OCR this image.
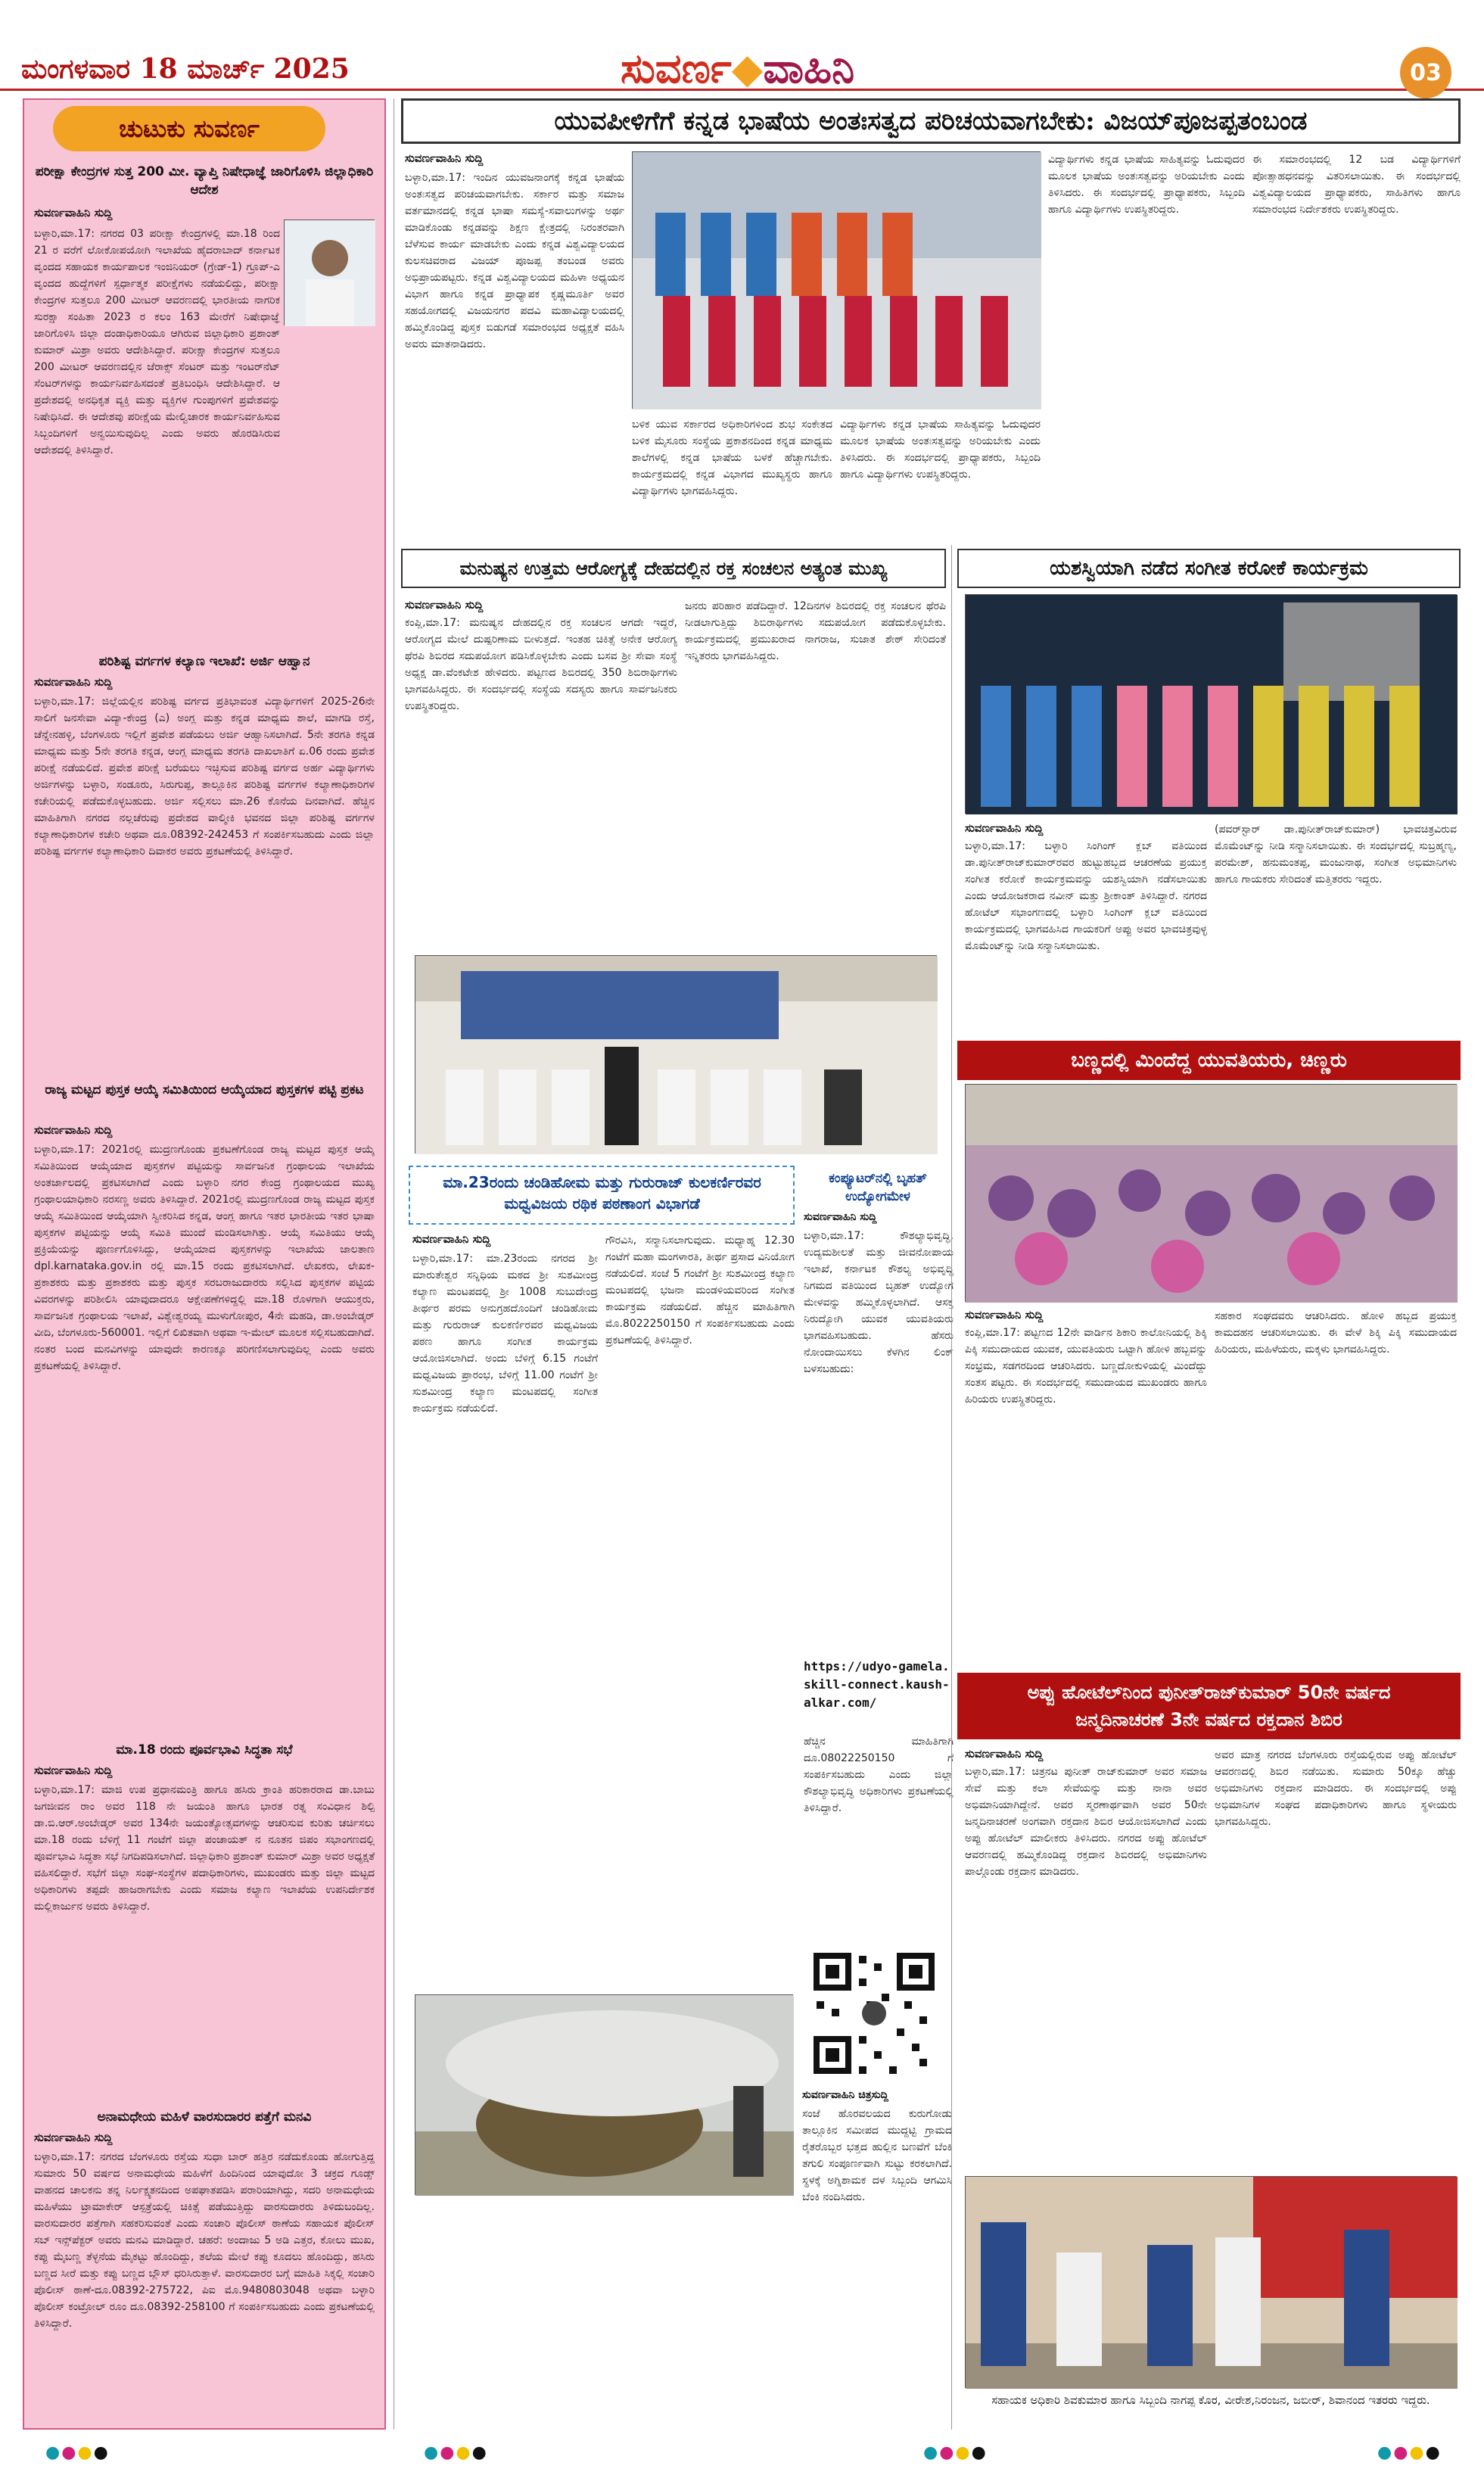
ಮಂಗಳವಾರ 18 ಮಾರ್ಚ್ 2025	ಸುವರ್ಣ◆ವಾಹಿನಿ	03
ಚುಟುಕು ಸುವರ್ಣ
ಪರೀಕ್ಷಾ ಕೇಂದ್ರಗಳ ಸುತ್ತ 200 ಮೀ. ವ್ಯಾಪ್ತಿ ನಿಷೇಧಾಜ್ಞೆ ಜಾರಿಗೊಳಿಸಿ ಜಿಲ್ಲಾಧಿಕಾರಿ ಆದೇಶ
ಸುವರ್ಣವಾಹಿನಿ ಸುದ್ದಿ
ಬಳ್ಳಾರಿ,ಮಾ.17: ನಗರದ 03 ಪರೀಕ್ಷಾ ಕೇಂದ್ರಗಳಲ್ಲಿ ಮಾ.18 ರಿಂದ 21 ರ ವರೆಗೆ ಲೋಕೋಪಯೋಗಿ ಇಲಾಖೆಯ ಹೈದರಾಬಾದ್ ಕರ್ನಾಟಕ ವೃಂದದ ಸಹಾಯಕ ಕಾರ್ಯಪಾಲಕ ಇಂಜಿನಿಯರ್ (ಗ್ರೇಡ್-1) ಗ್ರೂಪ್-ಎ ವೃಂದದ ಹುದ್ದೆಗಳಿಗೆ ಸ್ಪರ್ಧಾತ್ಮಕ ಪರೀಕ್ಷೆಗಳು ನಡೆಯಲಿದ್ದು, ಪರೀಕ್ಷಾ ಕೇಂದ್ರಗಳ ಸುತ್ತಲೂ 200 ಮೀಟರ್ ಆವರಣದಲ್ಲಿ ಭಾರತೀಯ ನಾಗರಿಕ ಸುರಕ್ಷಾ ಸಂಹಿತಾ 2023 ರ ಕಲಂ 163 ಮೇರೆಗೆ ನಿಷೇಧಾಜ್ಞೆ ಜಾರಿಗೊಳಿಸಿ ಜಿಲ್ಲಾ ದಂಡಾಧಿಕಾರಿಯೂ ಆಗಿರುವ ಜಿಲ್ಲಾಧಿಕಾರಿ ಪ್ರಶಾಂತ್ ಕುಮಾರ್ ಮಿಶ್ರಾ ಅವರು ಆದೇಶಿಸಿದ್ದಾರೆ. ಪರೀಕ್ಷಾ ಕೇಂದ್ರಗಳ ಸುತ್ತಲೂ 200 ಮೀಟರ್ ಆವರಣದಲ್ಲಿನ ಜೆರಾಕ್ಸ್ ಸೆಂಟರ್ ಮತ್ತು ಇಂಟರ್‌ನೆಟ್ ಸೆಂಟರ್‌ಗಳನ್ನು ಕಾರ್ಯನಿರ್ವಹಿಸದಂತೆ ಪ್ರತಿಬಂಧಿಸಿ ಆದೇಶಿಸಿದ್ದಾರೆ. ಆ ಪ್ರದೇಶದಲ್ಲಿ ಅನಧಿಕೃತ ವ್ಯಕ್ತಿ ಮತ್ತು ವ್ಯಕ್ತಿಗಳ ಗುಂಪುಗಳಿಗೆ ಪ್ರವೇಶವನ್ನು ನಿಷೇಧಿಸಿದೆ. ಈ ಆದೇಶವು ಪರೀಕ್ಷೆಯ ಮೇಲ್ವಿಚಾರಕ ಕಾರ್ಯನಿರ್ವಹಿಸುವ ಸಿಬ್ಬಂದಿಗಳಿಗೆ ಅನ್ವಯಿಸುವುದಿಲ್ಲ ಎಂದು ಅವರು ಹೊರಡಿಸಿರುವ ಆದೇಶದಲ್ಲಿ ತಿಳಿಸಿದ್ದಾರೆ.
ಪರಿಶಿಷ್ಟ ವರ್ಗಗಳ ಕಲ್ಯಾಣ ಇಲಾಖೆ: ಅರ್ಜಿ ಆಹ್ವಾನ
ಸುವರ್ಣವಾಹಿನಿ ಸುದ್ದಿ
ಬಳ್ಳಾರಿ,ಮಾ.17: ಜಿಲ್ಲೆಯಲ್ಲಿನ ಪರಿಶಿಷ್ಟ ವರ್ಗದ ಪ್ರತಿಭಾವಂತ ವಿದ್ಯಾರ್ಥಿಗಳಿಗೆ 2025-26ನೇ ಸಾಲಿಗೆ ಜನಸೇವಾ ವಿದ್ಯಾ-ಕೇಂದ್ರ (ಎ) ಅಂಗ್ಲ ಮತ್ತು ಕನ್ನಡ ಮಾಧ್ಯಮ ಶಾಲೆ, ಮಾಗಡಿ ರಸ್ತೆ, ಚೆನ್ನೇನಹಳ್ಳಿ, ಬೆಂಗಳೂರು ಇಲ್ಲಿಗೆ ಪ್ರವೇಶ ಪಡೆಯಲು ಅರ್ಜಿ ಆಹ್ವಾನಿಸಲಾಗಿದೆ. 5ನೇ ತರಗತಿ ಕನ್ನಡ ಮಾಧ್ಯಮ ಮತ್ತು 5ನೇ ತರಗತಿ ಕನ್ನಡ, ಆಂಗ್ಲ ಮಾಧ್ಯಮ ತರಗತಿ ದಾಖಲಾತಿಗೆ ಏ.06 ರಂದು ಪ್ರವೇಶ ಪರೀಕ್ಷೆ ನಡೆಯಲಿದೆ. ಪ್ರವೇಶ ಪರೀಕ್ಷೆ ಬರೆಯಲು ಇಚ್ಛಿಸುವ ಪರಿಶಿಷ್ಟ ವರ್ಗದ ಅರ್ಹ ವಿದ್ಯಾರ್ಥಿಗಳು ಅರ್ಜಿಗಳನ್ನು ಬಳ್ಳಾರಿ, ಸಂಡೂರು, ಸಿರುಗುಪ್ಪ, ತಾಲ್ಲೂಕಿನ ಪರಿಶಿಷ್ಟ ವರ್ಗಗಳ ಕಲ್ಯಾಣಾಧಿಕಾರಿಗಳ ಕಚೇರಿಯಲ್ಲಿ ಪಡೆದುಕೊಳ್ಳಬಹುದು. ಅರ್ಜಿ ಸಲ್ಲಿಸಲು ಮಾ.26 ಕೊನೆಯ ದಿನವಾಗಿದೆ. ಹೆಚ್ಚಿನ ಮಾಹಿತಿಗಾಗಿ ನಗರದ ನಲ್ಲಚೆರುವು ಪ್ರದೇಶದ ವಾಲ್ಮೀಕಿ ಭವನದ ಜಿಲ್ಲಾ ಪರಿಶಿಷ್ಟ ವರ್ಗಗಳ ಕಲ್ಯಾಣಾಧಿಕಾರಿಗಳ ಕಚೇರಿ ಅಥವಾ ದೂ.08392-242453 ಗೆ ಸಂಪರ್ಕಿಸಬಹುದು ಎಂದು ಜಿಲ್ಲಾ ಪರಿಶಿಷ್ಟ ವರ್ಗಗಳ ಕಲ್ಯಾಣಾಧಿಕಾರಿ ದಿವಾಕರ ಅವರು ಪ್ರಕಟಣೆಯಲ್ಲಿ ತಿಳಿಸಿದ್ದಾರೆ.
ರಾಜ್ಯ ಮಟ್ಟದ ಪುಸ್ತಕ ಆಯ್ಕೆ ಸಮಿತಿಯಿಂದ ಆಯ್ಕೆಯಾದ ಪುಸ್ತಕಗಳ ಪಟ್ಟಿ ಪ್ರಕಟ
ಸುವರ್ಣವಾಹಿನಿ ಸುದ್ದಿ
ಬಳ್ಳಾರಿ,ಮಾ.17: 2021ರಲ್ಲಿ ಮುದ್ರಣಗೊಂಡು ಪ್ರಕಟಣೆಗೊಂಡ ರಾಜ್ಯ ಮಟ್ಟದ ಪುಸ್ತಕ ಆಯ್ಕೆ ಸಮಿತಿಯಿಂದ ಆಯ್ಕೆಯಾದ ಪುಸ್ತಕಗಳ ಪಟ್ಟಿಯನ್ನು ಸಾರ್ವಜನಿಕ ಗ್ರಂಥಾಲಯ ಇಲಾಖೆಯ ಅಂತರ್ಜಾಲದಲ್ಲಿ ಪ್ರಕಟಿಸಲಾಗಿದೆ ಎಂದು ಬಳ್ಳಾರಿ ನಗರ ಕೇಂದ್ರ ಗ್ರಂಥಾಲಯದ ಮುಖ್ಯ ಗ್ರಂಥಾಲಯಾಧಿಕಾರಿ ನರಸಣ್ಣ ಅವರು ತಿಳಿಸಿದ್ದಾರೆ. 2021ರಲ್ಲಿ ಮುದ್ರಣಗೊಂಡ ರಾಜ್ಯ ಮಟ್ಟದ ಪುಸ್ತಕ ಆಯ್ಕೆ ಸಮಿತಿಯಿಂದ ಆಯ್ಕೆಯಾಗಿ ಸ್ವೀಕರಿಸಿದ ಕನ್ನಡ, ಆಂಗ್ಲ ಹಾಗೂ ಇತರ ಭಾರತೀಯ ಇತರ ಭಾಷಾ ಪುಸ್ತಕಗಳ ಪಟ್ಟಿಯನ್ನು ಆಯ್ಕೆ ಸಮಿತಿ ಮುಂದೆ ಮಂಡಿಸಲಾಗಿತ್ತು. ಆಯ್ಕೆ ಸಮಿತಿಯು ಆಯ್ಕೆ ಪ್ರಕ್ರಿಯೆಯನ್ನು ಪೂರ್ಣಗೊಳಿಸಿದ್ದು, ಆಯ್ಕೆಯಾದ ಪುಸ್ತಕಗಳನ್ನು ಇಲಾಖೆಯ ಜಾಲತಾಣ dpl.karnataka.gov.in ರಲ್ಲಿ ಮಾ.15 ರಂದು ಪ್ರಕಟಿಸಲಾಗಿದೆ. ಲೇಖಕರು, ಲೇಖಕ-ಪ್ರಕಾಶಕರು ಮತ್ತು ಪ್ರಕಾಶಕರು ಮತ್ತು ಪುಸ್ತಕ ಸರಬರಾಜುದಾರರು ಸಲ್ಲಿಸಿದ ಪುಸ್ತಕಗಳ ಪಟ್ಟಿಯ ವಿವರಗಳನ್ನು ಪರಿಶೀಲಿಸಿ ಯಾವುದಾದರೂ ಆಕ್ಷೇಪಣೆಗಳಿದ್ದಲ್ಲಿ ಮಾ.18 ರೊಳಗಾಗಿ ಆಯುಕ್ತರು, ಸಾರ್ವಜನಿಕ ಗ್ರಂಥಾಲಯ ಇಲಾಖೆ, ವಿಶ್ವೇಶ್ವರಯ್ಯ ಮುಳುಗೋಪುರ, 4ನೇ ಮಹಡಿ, ಡಾ.ಅಂಬೇಡ್ಕರ್ ವೀದಿ, ಬೆಂಗಳೂರು-560001. ಇಲ್ಲಿಗೆ ಲಿಖಿತವಾಗಿ ಅಥವಾ ಇ-ಮೇಲ್ ಮೂಲಕ ಸಲ್ಲಿಸಬಹುದಾಗಿದೆ. ನಂತರ ಬಂದ ಮನವಿಗಳನ್ನು ಯಾವುದೇ ಕಾರಣಕ್ಕೂ ಪರಿಗಣಿಸಲಾಗುವುದಿಲ್ಲ ಎಂದು ಅವರು ಪ್ರಕಟಣೆಯಲ್ಲಿ ತಿಳಿಸಿದ್ದಾರೆ.
ಮಾ.18 ರಂದು ಪೂರ್ವಭಾವಿ ಸಿದ್ಧತಾ ಸಭೆ
ಸುವರ್ಣವಾಹಿನಿ ಸುದ್ದಿ
ಬಳ್ಳಾರಿ,ಮಾ.17: ಮಾಜಿ ಉಪ ಪ್ರಧಾನಮಂತ್ರಿ ಹಾಗೂ ಹಸಿರು ಕ್ರಾಂತಿ ಹರಿಕಾರರಾದ ಡಾ.ಬಾಬು ಜಗಜೀವನ ರಾಂ ಅವರ 118 ನೇ ಜಯಂತಿ ಹಾಗೂ ಭಾರತ ರತ್ನ ಸಂವಿಧಾನ ಶಿಲ್ಪಿ ಡಾ.ಬಿ.ಆರ್.ಅಂಬೇಡ್ಕರ್ ಅವರ 134ನೇ ಜಯಂತ್ಯೋತ್ಸವಗಳನ್ನು ಆಚರಿಸುವ ಕುರಿತು ಚರ್ಚಿಸಲು ಮಾ.18 ರಂದು ಬೆಳಿಗ್ಗೆ 11 ಗಂಟೆಗೆ ಜಿಲ್ಲಾ ಪಂಚಾಯತ್ ನ ನೂತನ ಜಿಪಂ ಸಭಾಂಗಣದಲ್ಲಿ ಪೂರ್ವಭಾವಿ ಸಿದ್ಧತಾ ಸಭೆ ನಿಗದಿಪಡಿಸಲಾಗಿದೆ. ಜಿಲ್ಲಾಧಿಕಾರಿ ಪ್ರಶಾಂತ್ ಕುಮಾರ್ ಮಿಶ್ರಾ ಅವರ ಅಧ್ಯಕ್ಷತೆ ವಹಿಸಲಿದ್ದಾರೆ. ಸಭೆಗೆ ಜಿಲ್ಲಾ ಸಂಘ-ಸಂಸ್ಥೆಗಳ ಪದಾಧಿಕಾರಿಗಳು, ಮುಖಂಡರು ಮತ್ತು ಜಿಲ್ಲಾ ಮಟ್ಟದ ಅಧಿಕಾರಿಗಳು ತಪ್ಪದೇ ಹಾಜರಾಗಬೇಕು ಎಂದು ಸಮಾಜ ಕಲ್ಯಾಣ ಇಲಾಖೆಯ ಉಪನಿರ್ದೇಶಕ ಮಲ್ಲಿಕಾರ್ಜುನ ಅವರು ತಿಳಿಸಿದ್ದಾರೆ.
ಅನಾಮಧೇಯ ಮಹಿಳೆ ವಾರಸುದಾರರ ಪತ್ತೆಗೆ ಮನವಿ
ಸುವರ್ಣವಾಹಿನಿ ಸುದ್ದಿ
ಬಳ್ಳಾರಿ,ಮಾ.17: ನಗರದ ಬೆಂಗಳೂರು ರಸ್ತೆಯ ಸುಧಾ ಬಾರ್ ಹತ್ತಿರ ನಡೆದುಕೊಂಡು ಹೋಗುತ್ತಿದ್ದ ಸುಮಾರು 50 ವರ್ಷದ ಅನಾಮಧೇಯ ಮಹಿಳೆಗೆ ಹಿಂದಿನಿಂದ ಯಾವುದೋ 3 ಚಕ್ರದ ಗೂಡ್ಸ್ ವಾಹನದ ಚಾಲಕನು ತನ್ನ ನಿರ್ಲಕ್ಷ್ಯತನದಿಂದ ಅಪಘಾತಪಡಿಸಿ ಪರಾರಿಯಾಗಿದ್ದು, ಸದರಿ ಅನಾಮಧೇಯ ಮಹಿಳೆಯು ಟ್ರಾಮಾಕೇರ್ ಆಸ್ಪತ್ರೆಯಲ್ಲಿ ಚಿಕಿತ್ಸೆ ಪಡೆಯುತ್ತಿದ್ದು ವಾರಸುದಾರರು ತಿಳಿದುಬಂದಿಲ್ಲ. ವಾರಸುದಾರರ ಪತ್ತೆಗಾಗಿ ಸಹಕರಿಸುವಂತೆ ಎಂದು ಸಂಚಾರಿ ಪೊಲೀಸ್ ಠಾಣೆಯ ಸಹಾಯಕ ಪೊಲೀಸ್ ಸಬ್ ಇನ್ಸ್‌ಪೆಕ್ಟರ್ ಅವರು ಮನವಿ ಮಾಡಿದ್ದಾರೆ. ಚಹರೆ: ಅಂದಾಜು 5 ಅಡಿ ಎತ್ತರ, ಕೋಲು ಮುಖ, ಕಪ್ಪು ಮೈಬಣ್ಣ ತೆಳ್ಳನೆಯ ಮೈಕಟ್ಟು ಹೊಂದಿದ್ದು, ತಲೆಯ ಮೇಲೆ ಕಪ್ಪು ಕೂದಲು ಹೊಂದಿದ್ದು, ಹಸಿರು ಬಣ್ಣದ ಸೀರೆ ಮತ್ತು ಕಪ್ಪು ಬಣ್ಣದ ಬ್ಲೌಸ್ ಧರಿಸಿರುತ್ತಾಳೆ. ವಾರಸುದಾರರ ಬಗ್ಗೆ ಮಾಹಿತಿ ಸಿಕ್ಕಲ್ಲಿ ಸಂಚಾರಿ ಪೊಲೀಸ್ ಠಾಣೆ-ದೂ.08392-275722, ಪಿಐ ಮೊ.9480803048 ಅಥವಾ ಬಳ್ಳಾರಿ ಪೊಲೀಸ್ ಕಂಟ್ರೋಲ್ ರೂಂ ದೂ.08392-258100 ಗೆ ಸಂಪರ್ಕಿಸಬಹುದು ಎಂದು ಪ್ರಕಟಣೆಯಲ್ಲಿ ತಿಳಿಸಿದ್ದಾರೆ.
ಯುವಪೀಳಿಗೆಗೆ ಕನ್ನಡ ಭಾಷೆಯ ಅಂತಃಸತ್ವದ ಪರಿಚಯವಾಗಬೇಕು: ವಿಜಯ್‌ಪೂಜಪ್ಪತಂಬಂಡ
ಸುವರ್ಣವಾಹಿನಿ ಸುದ್ದಿ
ಬಳ್ಳಾರಿ,ಮಾ.17: ಇಂದಿನ ಯುವಜನಾಂಗಕ್ಕೆ ಕನ್ನಡ ಭಾಷೆಯ ಅಂತಃಸತ್ವದ ಪರಿಚಯವಾಗಬೇಕು. ಸರ್ಕಾರ ಮತ್ತು ಸಮಾಜ ವರ್ತಮಾನದಲ್ಲಿ ಕನ್ನಡ ಭಾಷಾ ಸಮಸ್ಯೆ-ಸವಾಲುಗಳನ್ನು ಅರ್ಥ ಮಾಡಿಕೊಂಡು ಕನ್ನಡವನ್ನು ಶಿಕ್ಷಣ ಕ್ಷೇತ್ರದಲ್ಲಿ ನಿರಂತರವಾಗಿ ಬೆಳೆಸುವ ಕಾರ್ಯ ಮಾಡಬೇಕು ಎಂದು ಕನ್ನಡ ವಿಶ್ವವಿದ್ಯಾಲಯದ ಕುಲಸಚಿವರಾದ ವಿಜಯ್ ಪೂಜಪ್ಪ ತಂಬಂಡ ಅವರು ಅಭಿಪ್ರಾಯಪಟ್ಟರು. ಕನ್ನಡ ವಿಶ್ವವಿದ್ಯಾಲಯದ ಮಹಿಳಾ ಅಧ್ಯಯನ ವಿಭಾಗ ಹಾಗೂ ಕನ್ನಡ ಪ್ರಾಧ್ಯಾಪಕ ಕೃಷ್ಣಮೂರ್ತಿ ಅವರ ಸಹಯೋಗದಲ್ಲಿ ವಿಜಯನಗರ ಪದವಿ ಮಹಾವಿದ್ಯಾಲಯದಲ್ಲಿ ಹಮ್ಮಿಕೊಂಡಿದ್ದ ಪುಸ್ತಕ ಬಿಡುಗಡೆ ಸಮಾರಂಭದ ಅಧ್ಯಕ್ಷತೆ ವಹಿಸಿ ಅವರು ಮಾತನಾಡಿದರು.
ಬಳಿಕ ಯುವ ಸರ್ಕಾರದ ಅಧಿಕಾರಿಗಳಿಂದ ಶುಭ ಸಂಕೇತದ ಬಳಿಕ ಮೈಸೂರು ಸಂಸ್ಥೆಯ ಪ್ರಕಾಶನದಿಂದ ಕನ್ನಡ ಮಾಧ್ಯಮ ಶಾಲೆಗಳಲ್ಲಿ ಕನ್ನಡ ಭಾಷೆಯ ಬಳಕೆ ಹೆಚ್ಚಾಗಬೇಕು. ಕಾರ್ಯಕ್ರಮದಲ್ಲಿ ಕನ್ನಡ ವಿಭಾಗದ ಮುಖ್ಯಸ್ಥರು ಹಾಗೂ ವಿದ್ಯಾರ್ಥಿಗಳು ಭಾಗವಹಿಸಿದ್ದರು.
ವಿದ್ಯಾರ್ಥಿಗಳು ಕನ್ನಡ ಭಾಷೆಯ ಸಾಹಿತ್ಯವನ್ನು ಓದುವುದರ ಮೂಲಕ ಭಾಷೆಯ ಅಂತಃಸತ್ವವನ್ನು ಅರಿಯಬೇಕು ಎಂದು ತಿಳಿಸಿದರು. ಈ ಸಂದರ್ಭದಲ್ಲಿ ಪ್ರಾಧ್ಯಾಪಕರು, ಸಿಬ್ಬಂದಿ ಹಾಗೂ ವಿದ್ಯಾರ್ಥಿಗಳು ಉಪಸ್ಥಿತರಿದ್ದರು.
ವಿದ್ಯಾರ್ಥಿಗಳು ಕನ್ನಡ ಭಾಷೆಯ ಸಾಹಿತ್ಯವನ್ನು ಓದುವುದರ ಮೂಲಕ ಭಾಷೆಯ ಅಂತಃಸತ್ವವನ್ನು ಅರಿಯಬೇಕು ಎಂದು ತಿಳಿಸಿದರು. ಈ ಸಂದರ್ಭದಲ್ಲಿ ಪ್ರಾಧ್ಯಾಪಕರು, ಸಿಬ್ಬಂದಿ ಹಾಗೂ ವಿದ್ಯಾರ್ಥಿಗಳು ಉಪಸ್ಥಿತರಿದ್ದರು.
ಈ ಸಮಾರಂಭದಲ್ಲಿ 12 ಬಡ ವಿದ್ಯಾರ್ಥಿಗಳಿಗೆ ಪೋತ್ಸಾಹಧನವನ್ನು ವಿತರಿಸಲಾಯಿತು. ಈ ಸಂದರ್ಭದಲ್ಲಿ ವಿಶ್ವವಿದ್ಯಾಲಯದ ಪ್ರಾಧ್ಯಾಪಕರು, ಸಾಹಿತಿಗಳು ಹಾಗೂ ಸಮಾರಂಭದ ನಿರ್ದೇಶಕರು ಉಪಸ್ಥಿತರಿದ್ದರು.
ಮನುಷ್ಯನ ಉತ್ತಮ ಆರೋಗ್ಯಕ್ಕೆ ದೇಹದಲ್ಲಿನ ರಕ್ತ ಸಂಚಲನ ಅತ್ಯಂತ ಮುಖ್ಯ
ಸುವರ್ಣವಾಹಿನಿ ಸುದ್ದಿ
ಕಂಪ್ಲಿ,ಮಾ.17: ಮನುಷ್ಯನ ದೇಹದಲ್ಲಿನ ರಕ್ತ ಸಂಚಲನ ಆಗದೇ ಇದ್ದರೆ, ಆರೋಗ್ಯದ ಮೇಲೆ ದುಷ್ಪರಿಣಾಮ ಬೀಳುತ್ತದೆ. ಇಂತಹ ಚಿಕಿತ್ಸೆ ಅನೇಕ ಆರೋಗ್ಯ ಥೆರಪಿ ಶಿಬಿರದ ಸದುಪಯೋಗ ಪಡಿಸಿಕೊಳ್ಳಬೇಕು ಎಂದು ಬಸವ ಶ್ರೀ ಸೇವಾ ಸಂಸ್ಥೆ ಅಧ್ಯಕ್ಷ ಡಾ.ವೆಂಕಟೇಶ ಹೇಳಿದರು. ಪಟ್ಟಣದ ಶಿಬಿರದಲ್ಲಿ 350 ಶಿಬಿರಾರ್ಥಿಗಳು ಭಾಗವಹಿಸಿದ್ದರು. ಈ ಸಂದರ್ಭದಲ್ಲಿ ಸಂಸ್ಥೆಯ ಸದಸ್ಯರು ಹಾಗೂ ಸಾರ್ವಜನಿಕರು ಉಪಸ್ಥಿತರಿದ್ದರು.
ಜನರು ಪರಿಹಾರ ಪಡೆದಿದ್ದಾರೆ. 12ದಿನಗಳ ಶಿಬಿರದಲ್ಲಿ ರಕ್ತ ಸಂಚಲನ ಥೆರಪಿ ನೀಡಲಾಗುತ್ತಿದ್ದು ಶಿಬಿರಾರ್ಥಿಗಳು ಸದುಪಯೋಗ ಪಡೆದುಕೊಳ್ಳಬೇಕು. ಕಾರ್ಯಕ್ರಮದಲ್ಲಿ ಪ್ರಮುಖರಾದ ನಾಗರಾಜ, ಸುಜಾತ ಶೇಠ್ ಸೇರಿದಂತೆ ಇನ್ನಿತರರು ಭಾಗವಹಿಸಿದ್ದರು.
ಯಶಸ್ವಿಯಾಗಿ ನಡೆದ ಸಂಗೀತ ಕರೋಕೆ ಕಾರ್ಯಕ್ರಮ
ಸುವರ್ಣವಾಹಿನಿ ಸುದ್ದಿ
ಬಳ್ಳಾರಿ,ಮಾ.17: ಬಳ್ಳಾರಿ ಸಿಂಗಿಂಗ್ ಕ್ಲಬ್ ವತಿಯಿಂದ ಡಾ.ಪುನೀತ್‌ರಾಜ್‌ಕುಮಾರ್‌ರವರ ಹುಟ್ಟುಹಬ್ಬದ ಆಚರಣೆಯ ಪ್ರಯುಕ್ತ ಸಂಗೀತ ಕರೋಕೆ ಕಾರ್ಯಕ್ರಮವನ್ನು ಯಶಸ್ವಿಯಾಗಿ ನಡೆಸಲಾಯಿತು ಎಂದು ಆಯೋಜಕರಾದ ನವೀನ್ ಮತ್ತು ಶ್ರೀಕಾಂತ್ ತಿಳಿಸಿದ್ದಾರೆ. ನಗರದ ಹೋಟೆಲ್ ಸಭಾಂಗಣದಲ್ಲಿ ಬಳ್ಳಾರಿ ಸಿಂಗಿಂಗ್ ಕ್ಲಬ್ ವತಿಯಿಂದ ಕಾರ್ಯಕ್ರಮದಲ್ಲಿ ಭಾಗವಹಿಸಿದ ಗಾಯಕರಿಗೆ ಅಪ್ಪು ಅವರ ಭಾವಚಿತ್ರವುಳ್ಳ ಮೊಮೆಂಟ್‌ನ್ನು ನೀಡಿ ಸನ್ಮಾನಿಸಲಾಯಿತು.
(ಪವರ್‌ಸ್ಟಾರ್ ಡಾ.ಪುನೀತ್‌ರಾಜ್‌ಕುಮಾರ್) ಭಾವಚಿತ್ರವಿರುವ ಮೊಮೆಂಟ್‌ನ್ನು ನೀಡಿ ಸನ್ಮಾನಿಸಲಾಯಿತು. ಈ ಸಂದರ್ಭದಲ್ಲಿ ಸುಬ್ರಹ್ಮಣ್ಯ, ಪರಮೇಶ್, ಹನುಮಂತಪ್ಪ, ಮಂಜುನಾಥ, ಸಂಗೀತ ಅಭಿಮಾನಿಗಳು ಹಾಗೂ ಗಾಯಕರು ಸೇರಿದಂತೆ ಮತ್ತಿತರರು ಇದ್ದರು.
ಬಣ್ಣದಲ್ಲಿ ಮಿಂದೆದ್ದ ಯುವತಿಯರು, ಚಿಣ್ಣರು
ಸುವರ್ಣವಾಹಿನಿ ಸುದ್ದಿ
ಕಂಪ್ಲಿ,ಮಾ.17: ಪಟ್ಟಣದ 12ನೇ ವಾರ್ಡಿನ ಶಿಕಾರಿ ಕಾಲೋನಿಯಲ್ಲಿ ಶಿಕ್ಕಿ ಪಿಕ್ಕಿ ಸಮುದಾಯದ ಯುವಕ, ಯುವತಿಯರು ಒಟ್ಟಾಗಿ ಹೋಳಿ ಹಬ್ಬವನ್ನು ಸಂಭ್ರಮ, ಸಡಗರದಿಂದ ಆಚರಿಸಿದರು. ಬಣ್ಣದೋಕುಳಿಯಲ್ಲಿ ಮಿಂದೆದ್ದು ಸಂತಸ ಪಟ್ಟರು. ಈ ಸಂದರ್ಭದಲ್ಲಿ ಸಮುದಾಯದ ಮುಖಂಡರು ಹಾಗೂ ಹಿರಿಯರು ಉಪಸ್ಥಿತರಿದ್ದರು.
ಸಹಕಾರ ಸಂಘದವರು ಆಚರಿಸಿದರು. ಹೋಳಿ ಹಬ್ಬದ ಪ್ರಯುಕ್ತ ಕಾಮದಹನ ಆಚರಿಸಲಾಯಿತು. ಈ ವೇಳೆ ಶಿಕ್ಕಿ ಪಿಕ್ಕಿ ಸಮುದಾಯದ ಹಿರಿಯರು, ಮಹಿಳೆಯರು, ಮಕ್ಕಳು ಭಾಗವಹಿಸಿದ್ದರು.
ಮಾ.23ರಂದು ಚಂಡಿಹೋಮ ಮತ್ತು ಗುರುರಾಜ್ ಕುಲಕರ್ಣಿರವರ ಮಧ್ವವಿಜಯ ರಥಿಕ ಪಠಣಾಂಗ ವಿಭಾಗಡೆ
ಸುವರ್ಣವಾಹಿನಿ ಸುದ್ದಿ
ಬಳ್ಳಾರಿ,ಮಾ.17: ಮಾ.23ರಂದು ನಗರದ ಶ್ರೀ ಮಾರುತೇಶ್ವರ ಸನ್ನಿಧಿಯ ಮಠದ ಶ್ರೀ ಸುಶಮೀಂದ್ರ ಕಲ್ಯಾಣ ಮಂಟಪದಲ್ಲಿ ಶ್ರೀ 1008 ಸುಬುದೇಂದ್ರ ತೀರ್ಥರ ಪರಮ ಅನುಗ್ರಹದೊಂದಿಗೆ ಚಂಡಿಹೋಮ ಮತ್ತು ಗುರುರಾಜ್ ಕುಲಕರ್ಣಿರವರ ಮಧ್ವವಿಜಯ ಪಠಣ ಹಾಗೂ ಸಂಗೀತ ಕಾರ್ಯಕ್ರಮ ಆಯೋಜಿಸಲಾಗಿದೆ. ಅಂದು ಬೆಳಿಗ್ಗೆ 6.15 ಗಂಟೆಗೆ ಮಧ್ವವಿಜಯ ಪ್ರಾರಂಭ, ಬೆಳಿಗ್ಗೆ 11.00 ಗಂಟೆಗೆ ಶ್ರೀ ಸುಶಮೀಂದ್ರ ಕಲ್ಯಾಣ ಮಂಟಪದಲ್ಲಿ ಸಂಗೀತ ಕಾರ್ಯಕ್ರಮ ನಡೆಯಲಿದೆ.
ಗೌರವಿಸಿ, ಸನ್ಮಾನಿಸಲಾಗುವುದು. ಮಧ್ಯಾಹ್ನ 12.30 ಗಂಟೆಗೆ ಮಹಾ ಮಂಗಳಾರತಿ, ತೀರ್ಥ ಪ್ರಸಾದ ವಿನಿಯೋಗ ನಡೆಯಲಿದೆ. ಸಂಜೆ 5 ಗಂಟೆಗೆ ಶ್ರೀ ಸುಶಮೀಂದ್ರ ಕಲ್ಯಾಣ ಮಂಟಪದಲ್ಲಿ ಭಜನಾ ಮಂಡಳಿಯವರಿಂದ ಸಂಗೀತ ಕಾರ್ಯಕ್ರಮ ನಡೆಯಲಿದೆ. ಹೆಚ್ಚಿನ ಮಾಹಿತಿಗಾಗಿ ಮೊ.8022250150 ಗೆ ಸಂಪರ್ಕಿಸಬಹುದು ಎಂದು ಪ್ರಕಟಣೆಯಲ್ಲಿ ತಿಳಿಸಿದ್ದಾರೆ.
ಕಂಪ್ಯೂಟರ್‌ನಲ್ಲಿ ಬೃಹತ್ ಉದ್ಯೋಗಮೇಳ
ಸುವರ್ಣವಾಹಿನಿ ಸುದ್ದಿ
ಬಳ್ಳಾರಿ,ಮಾ.17: ಕೌಶಲ್ಯಾಭಿವೃದ್ಧಿ, ಉದ್ಯಮಶೀಲತೆ ಮತ್ತು ಜೀವನೋಪಾಯ ಇಲಾಖೆ, ಕರ್ನಾಟಕ ಕೌಶಲ್ಯ ಅಭಿವೃದ್ಧಿ ನಿಗಮದ ವತಿಯಿಂದ ಬೃಹತ್ ಉದ್ಯೋಗ ಮೇಳವನ್ನು ಹಮ್ಮಿಕೊಳ್ಳಲಾಗಿದೆ. ಆಸಕ್ತ ನಿರುದ್ಯೋಗಿ ಯುವಕ ಯುವತಿಯರು ಭಾಗವಹಿಸಬಹುದು. ಹೆಸರು ನೋಂದಾಯಿಸಲು ಕೆಳಗಿನ ಲಿಂಕ್ ಬಳಸಬಹುದು:
https://udyo-gamela.skill-connect.kaush-alkar.com/
ಹೆಚ್ಚಿನ ಮಾಹಿತಿಗಾಗಿ ದೂ.08022250150 ಗೆ ಸಂಪರ್ಕಿಸಬಹುದು ಎಂದು ಜಿಲ್ಲಾ ಕೌಶಲ್ಯಾಭಿವೃದ್ಧಿ ಅಧಿಕಾರಿಗಳು ಪ್ರಕಟಣೆಯಲ್ಲಿ ತಿಳಿಸಿದ್ದಾರೆ.
ಸುವರ್ಣವಾಹಿನಿ ಚಿತ್ರಸುದ್ದಿ
ಸಂಜೆ ಹೊರವಲಯದ ಕುರುಗೋಡು ತಾಲ್ಲೂಕಿನ ಸಮೀಪದ ಮುದ್ದಟ್ಟಿ ಗ್ರಾಮದ ರೈತರೊಬ್ಬರ ಭತ್ತದ ಹುಲ್ಲಿನ ಬಣವೆಗೆ ಬೆಂಕಿ ತಗುಲಿ ಸಂಪೂರ್ಣವಾಗಿ ಸುಟ್ಟು ಕರಕಲಾಗಿದೆ. ಸ್ಥಳಕ್ಕೆ ಅಗ್ನಿಶಾಮಕ ದಳ ಸಿಬ್ಬಂದಿ ಆಗಮಿಸಿ ಬೆಂಕಿ ನಂದಿಸಿದರು.
ಅಪ್ಪು ಹೋಟೆಲ್‌ನಿಂದ ಪುನೀತ್‌ರಾಜ್‌ಕುಮಾರ್ 50ನೇ ವರ್ಷದ
ಜನ್ಮದಿನಾಚರಣೆ 3ನೇ ವರ್ಷದ ರಕ್ತದಾನ ಶಿಬಿರ
ಸುವರ್ಣವಾಹಿನಿ ಸುದ್ದಿ
ಬಳ್ಳಾರಿ,ಮಾ.17: ಚಿತ್ರನಟ ಪುನೀತ್ ರಾಜ್‌ಕುಮಾರ್ ಅವರ ಸಮಾಜ ಸೇವೆ ಮತ್ತು ಕಲಾ ಸೇವೆಯನ್ನು ಮತ್ತು ನಾನಾ ಅವರ ಅಭಿಮಾನಿಯಾಗಿದ್ದೇನೆ. ಅವರ ಸ್ಮರಣಾರ್ಥವಾಗಿ ಅವರ 50ನೇ ಜನ್ಮದಿನಾಚರಣೆ ಅಂಗವಾಗಿ ರಕ್ತದಾನ ಶಿಬಿರ ಆಯೋಜಿಸಲಾಗಿದೆ ಎಂದು ಅಪ್ಪು ಹೋಟೆಲ್ ಮಾಲೀಕರು ತಿಳಿಸಿದರು. ನಗರದ ಅಪ್ಪು ಹೋಟೆಲ್ ಆವರಣದಲ್ಲಿ ಹಮ್ಮಿಕೊಂಡಿದ್ದ ರಕ್ತದಾನ ಶಿಬಿರದಲ್ಲಿ ಅಭಿಮಾನಿಗಳು ಪಾಲ್ಗೊಂಡು ರಕ್ತದಾನ ಮಾಡಿದರು.
ಅವರ ಮಾತ್ರ ನಗರದ ಬೆಂಗಳೂರು ರಸ್ತೆಯಲ್ಲಿರುವ ಅಪ್ಪು ಹೋಟೆಲ್ ಆವರಣದಲ್ಲಿ ಶಿಬಿರ ನಡೆಯಿತು. ಸುಮಾರು 50ಕ್ಕೂ ಹೆಚ್ಚು ಅಭಿಮಾನಿಗಳು ರಕ್ತದಾನ ಮಾಡಿದರು. ಈ ಸಂದರ್ಭದಲ್ಲಿ ಅಪ್ಪು ಅಭಿಮಾನಿಗಳ ಸಂಘದ ಪದಾಧಿಕಾರಿಗಳು ಹಾಗೂ ಸ್ಥಳೀಯರು ಭಾಗವಹಿಸಿದ್ದರು.
ಸಹಾಯಕ ಅಧಿಕಾರಿ ಶಿವಕುಮಾರ ಹಾಗೂ ಸಿಬ್ಬಂದಿ ನಾಗಪ್ಪ ಕೊರ, ವೀರೇಶ,ನಿರಂಜನ, ಜಬೀರ್, ಶಿವಾನಂದ ಇತರರು ಇದ್ದರು.
●●●●	●●●●	●●●●	●●●●
